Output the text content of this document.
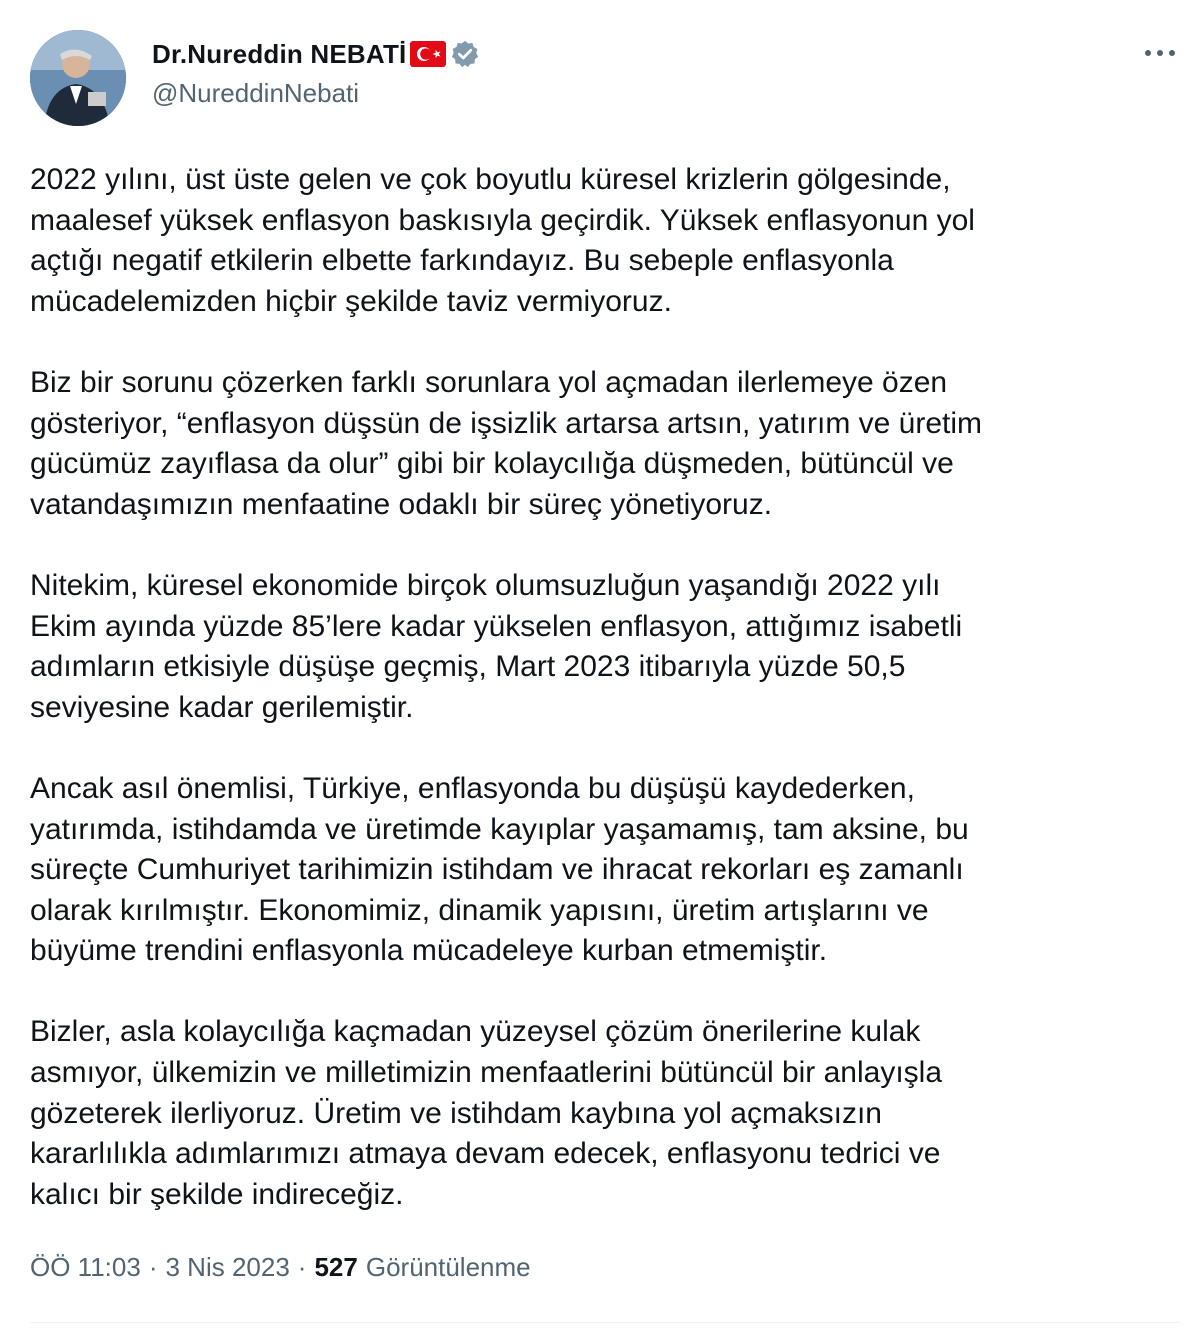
Dr.Nureddin NEBATİ
@NureddinNebati

2022 yılını, üst üste gelen ve çok boyutlu küresel krizlerin gölgesinde,
maalesef yüksek enflasyon baskısıyla geçirdik. Yüksek enflasyonun yol
açtığı negatif etkilerin elbette farkındayız. Bu sebeple enflasyonla
mücadelemizden hiçbir şekilde taviz vermiyoruz.

Biz bir sorunu çözerken farklı sorunlara yol açmadan ilerlemeye özen
gösteriyor, “enflasyon düşsün de işsizlik artarsa artsın, yatırım ve üretim
gücümüz zayıflasa da olur” gibi bir kolaycılığa düşmeden, bütüncül ve
vatandaşımızın menfaatine odaklı bir süreç yönetiyoruz.

Nitekim, küresel ekonomide birçok olumsuzluğun yaşandığı 2022 yılı
Ekim ayında yüzde 85’lere kadar yükselen enflasyon, attığımız isabetli
adımların etkisiyle düşüşe geçmiş, Mart 2023 itibarıyla yüzde 50,5
seviyesine kadar gerilemiştir.

Ancak asıl önemlisi, Türkiye, enflasyonda bu düşüşü kaydederken,
yatırımda, istihdamda ve üretimde kayıplar yaşamamış, tam aksine, bu
süreçte Cumhuriyet tarihimizin istihdam ve ihracat rekorları eş zamanlı
olarak kırılmıştır. Ekonomimiz, dinamik yapısını, üretim artışlarını ve
büyüme trendini enflasyonla mücadeleye kurban etmemiştir.

Bizler, asla kolaycılığa kaçmadan yüzeysel çözüm önerilerine kulak
asmıyor, ülkemizin ve milletimizin menfaatlerini bütüncül bir anlayışla
gözeterek ilerliyoruz. Üretim ve istihdam kaybına yol açmaksızın
kararlılıkla adımlarımızı atmaya devam edecek, enflasyonu tedrici ve
kalıcı bir şekilde indireceğiz.

ÖÖ 11:03 · 3 Nis 2023 · 527 Görüntülenme
